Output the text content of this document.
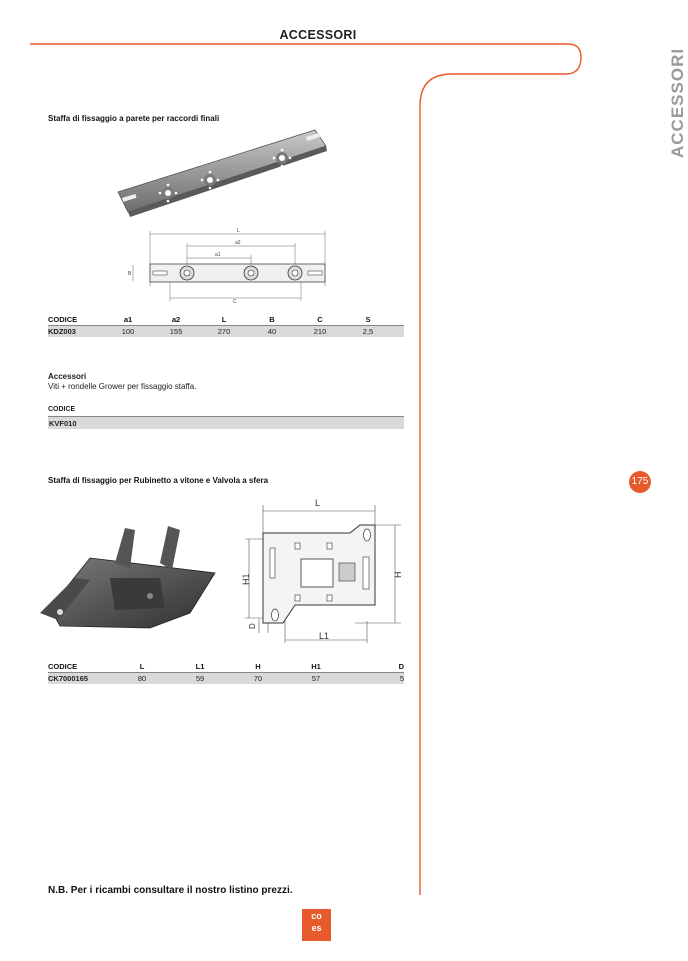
ACCESSORI
ACCESSORI
Staffa di fissaggio a parete per raccordi finali
L
a2
a1
C
B
CODICE	a1	a2	L	B	C	S	
KDZ003	100	155	270	40	210	2,5	
Accessori
Viti + rondelle Grower per fissaggio staffa.
CODICE
KVF010
Staffa di fissaggio per Rubinetto a vitone e Valvola a sfera
L
H
H1
L1
D
CODICE	L	L1	H	H1	D
CK7000165	80	59	70	57	5
175
N.B. Per i ricambi consultare il nostro listino prezzi.
co
es
